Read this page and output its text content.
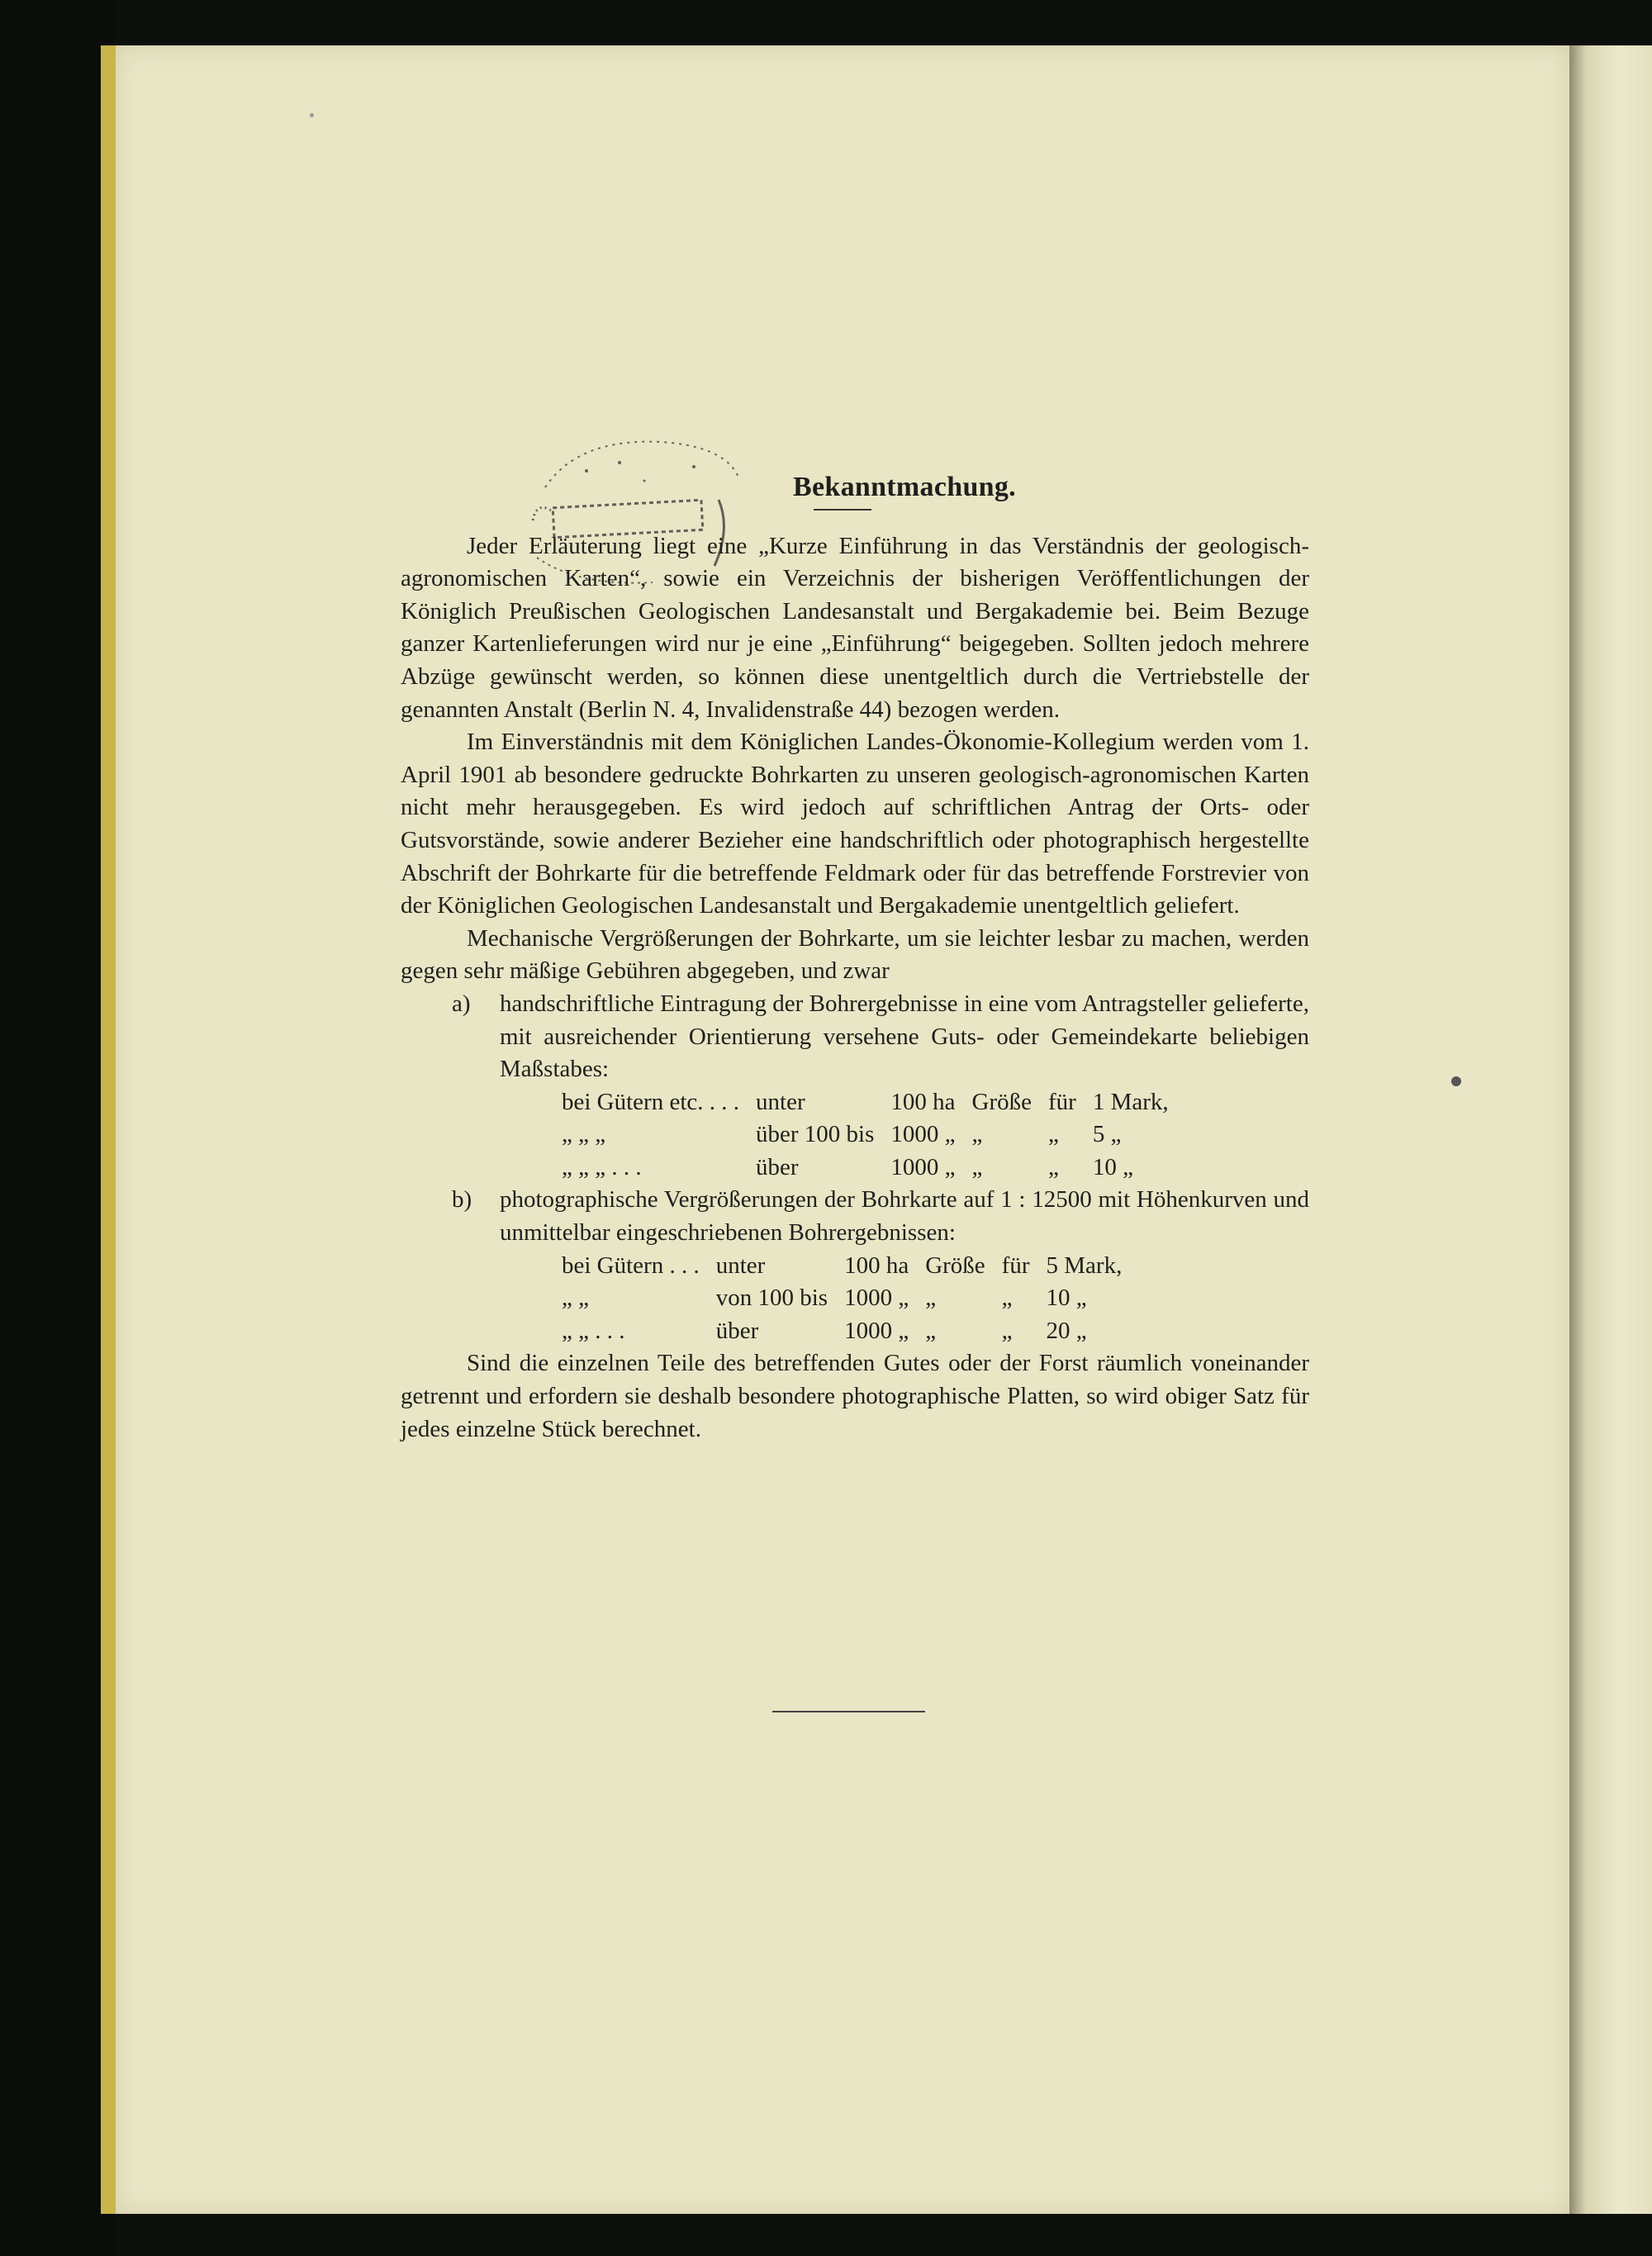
Bekanntmachung.

Jeder Erläuterung liegt eine „Kurze Einführung in das Verständnis der geologisch-agronomischen Karten“, sowie ein Verzeichnis der bisherigen Veröffentlichungen der Königlich Preußischen Geologischen Landesanstalt und Bergakademie bei. Beim Bezuge ganzer Kartenlieferungen wird nur je eine „Einführung“ beigegeben. Sollten jedoch mehrere Abzüge gewünscht werden, so können diese unentgeltlich durch die Vertriebstelle der genannten Anstalt (Berlin N. 4, Invalidenstraße 44) bezogen werden.

Im Einverständnis mit dem Königlichen Landes-Ökonomie-Kollegium werden vom 1. April 1901 ab besondere gedruckte Bohrkarten zu unseren geologisch-agronomischen Karten nicht mehr herausgegeben. Es wird jedoch auf schriftlichen Antrag der Orts- oder Gutsvorstände, sowie anderer Bezieher eine handschriftlich oder photographisch hergestellte Abschrift der Bohrkarte für die betreffende Feldmark oder für das betreffende Forstrevier von der Königlichen Geologischen Landesanstalt und Bergakademie unentgeltlich geliefert.

Mechanische Vergrößerungen der Bohrkarte, um sie leichter lesbar zu machen, werden gegen sehr mäßige Gebühren abgegeben, und zwar

a)	handschriftliche Eintragung der Bohrergebnisse in eine vom Antragsteller gelieferte, mit ausreichender Orientierung versehene Guts- oder Gemeindekarte beliebigen Maßstabes:
bei Gütern etc. . . .	unter	100 ha	Größe	für	1 Mark,
„ „ „	über 100 bis	1000 „	„	„	5 „
„ „ „ . . .	über	1000 „	„	„	10 „
b)	photographische Vergrößerungen der Bohrkarte auf 1 : 12500 mit Höhenkurven und unmittelbar eingeschriebenen Bohrergebnissen:
bei Gütern . . .	unter	100 ha	Größe	für	5 Mark,
„ „	von 100 bis	1000 „	„	„	10 „
„ „ . . .	über	1000 „	„	„	20 „

Sind die einzelnen Teile des betreffenden Gutes oder der Forst räumlich voneinander getrennt und erfordern sie deshalb besondere photographische Platten, so wird obiger Satz für jedes einzelne Stück berechnet.
